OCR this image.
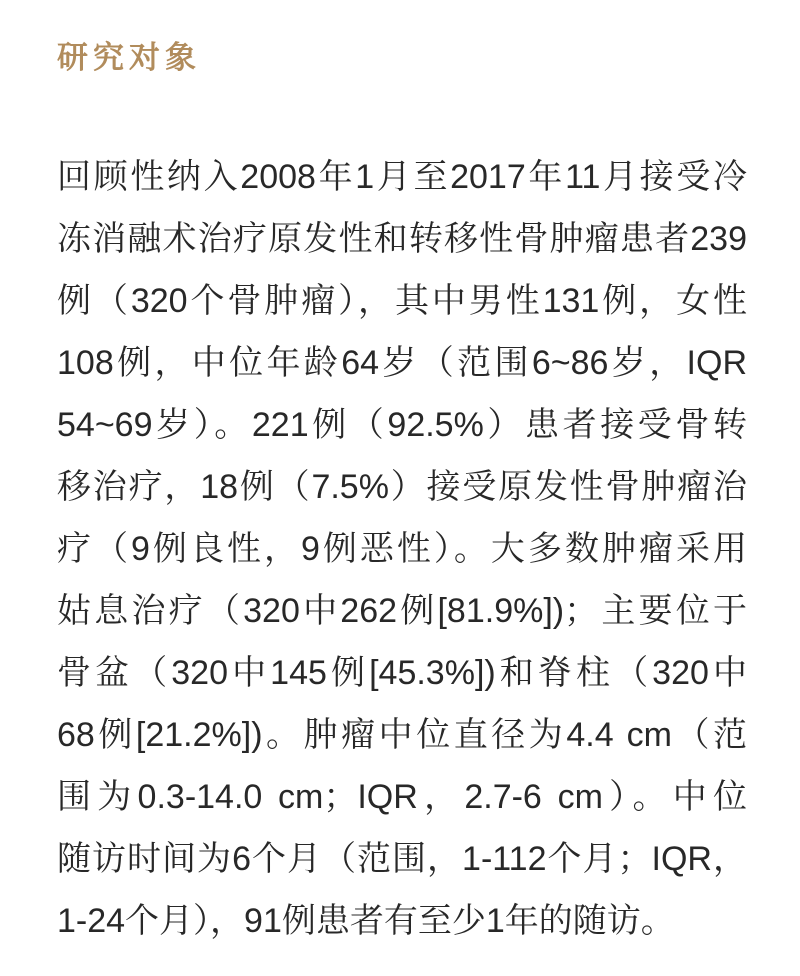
研究对象
回顾性纳入2008年1月至2017年11月接受冷
冻消融术治疗原发性和转移性骨肿瘤患者239
例（320个骨肿瘤），其中男性131例，女性
108例，中位年龄64岁（范围6~86岁，IQR
54~69岁）。221例（92.5%）患者接受骨转
移治疗，18例（7.5%）接受原发性骨肿瘤治
疗（9例良性，9例恶性）。大多数肿瘤采用
姑息治疗（320中262例[81.9%])；主要位于
骨盆（320中145例[45.3%])和脊柱（320中
68例[21.2%])。肿瘤中位直径为4.4 cm（范
围为0.3-14.0 cm；IQR，2.7-6 cm）。中位
随访时间为6个月（范围，1-112个月；IQR，
1-24个月），91例患者有至少1年的随访。
